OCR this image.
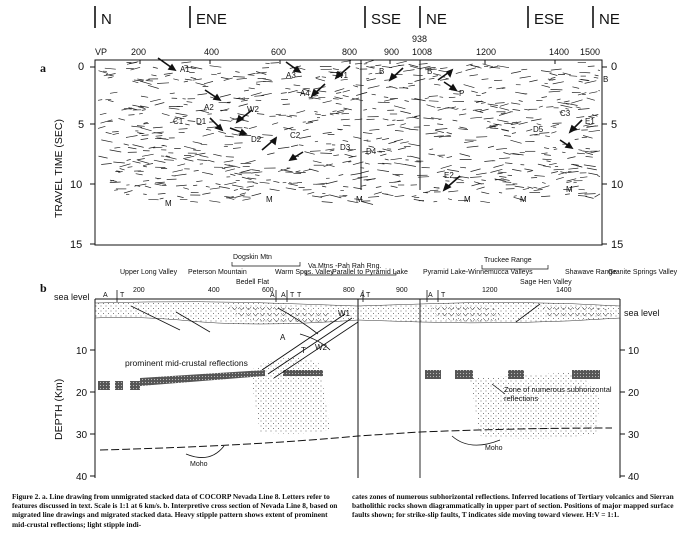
N	ENE	SSE NE	ESE NE
938
VP	200	400	600	800	900 1008	1200	1400 1500
a	0
5
10
15
0
5
10
15
TRAVEL TIME (SEC)
A1
A2
A3
A4
W1
W2
B	B
B
P
C1
C2
C3
D1
D2
D3 D4
D5
E1
E2
M	M	M	M	M
M
b
Upper Long Valley Peterson Mountain
Bedell Flat
Warm Spgs. Valley
Parallel to Pyramid Lake Pyramid Lake-Winnemucca Valleys
Sage Hen Valley
Shawave Range
Granite Springs Valley
Dogskin Mtn
Va.Mtns -Pah Rah Rng.
Truckee Range
A T	A T
A T	A T	A T
200	400	600	800	900	1200	1400
sea level
sea level
10
20
30
40
10
20
30
40
DEPTH (Km)
A
T
W1
W2
prominent mid-crustal reflections
Zone of numerous subhorizontal reflections
Moho
Moho

Figure 2. a. Line drawing from unmigrated stacked data of COCORP Nevada Line 8. Letters refer to features discussed in text. Scale is 1:1 at 6 km/s. b. Interpretive cross section of Nevada Line 8, based on migrated line drawings and migrated stacked data. Heavy stipple pattern shows extent of prominent mid-crustal reflections; light stipple indi-

cates zones of numerous subhorizontal reflections. Inferred locations of Tertiary volcanics and Sierran batholithic rocks shown diagrammatically in upper part of section. Positions of major mapped surface faults shown; for strike-slip faults, T indicates side moving toward viewer. H:V = 1:1.
